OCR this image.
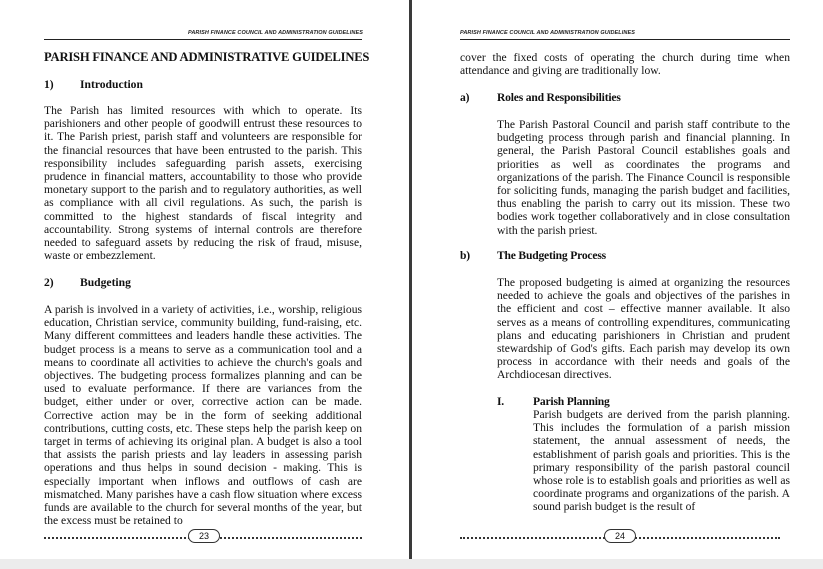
PARISH FINANCE COUNCIL AND ADMINISTRATION GUIDELINES
PARISH FINANCE AND ADMINISTRATIVE GUIDELINES
1) Introduction
The Parish has limited resources with which to operate. Its parishioners and other people of goodwill entrust these resources to it. The Parish priest, parish staff and volunteers are responsible for the financial resources that have been entrusted to the parish. This responsibility includes safeguarding parish assets, exercising prudence in financial matters, accountability to those who provide monetary support to the parish and to regulatory authorities, as well as compliance with all civil regulations. As such, the parish is committed to the highest standards of fiscal integrity and accountability. Strong systems of internal controls are therefore needed to safeguard assets by reducing the risk of fraud, misuse, waste or embezzlement.
2) Budgeting
A parish is involved in a variety of activities, i.e., worship, religious education, Christian service, community building, fund-raising, etc. Many different committees and leaders handle these activities. The budget process is a means to serve as a communication tool and a means to coordinate all activities to achieve the church's goals and objectives. The budgeting process formalizes planning and can be used to evaluate performance. If there are variances from the budget, either under or over, corrective action can be made. Corrective action may be in the form of seeking additional contributions, cutting costs, etc. These steps help the parish keep on target in terms of achieving its original plan. A budget is also a tool that assists the parish priests and lay leaders in assessing parish operations and thus helps in sound decision - making. This is especially important when inflows and outflows of cash are mismatched. Many parishes have a cash flow situation where excess funds are available to the church for several months of the year, but the excess must be retained to
23
PARISH FINANCE COUNCIL AND ADMINISTRATION GUIDELINES
cover the fixed costs of operating the church during time when attendance and giving are traditionally low.
a) Roles and Responsibilities
The Parish Pastoral Council and parish staff contribute to the budgeting process through parish and financial planning. In general, the Parish Pastoral Council establishes goals and priorities as well as coordinates the programs and organizations of the parish. The Finance Council is responsible for soliciting funds, managing the parish budget and facilities, thus enabling the parish to carry out its mission. These two bodies work together collaboratively and in close consultation with the parish priest.
b) The Budgeting Process
The proposed budgeting is aimed at organizing the resources needed to achieve the goals and objectives of the parishes in the efficient and cost – effective manner available. It also serves as a means of controlling expenditures, communicating plans and educating parishioners in Christian and prudent stewardship of God's gifts. Each parish may develop its own process in accordance with their needs and goals of the Archdiocesan directives.
I. Parish Planning
Parish budgets are derived from the parish planning. This includes the formulation of a parish mission statement, the annual assessment of needs, the establishment of parish goals and priorities. This is the primary responsibility of the parish pastoral council whose role is to establish goals and priorities as well as coordinate programs and organizations of the parish. A sound parish budget is the result of
24
